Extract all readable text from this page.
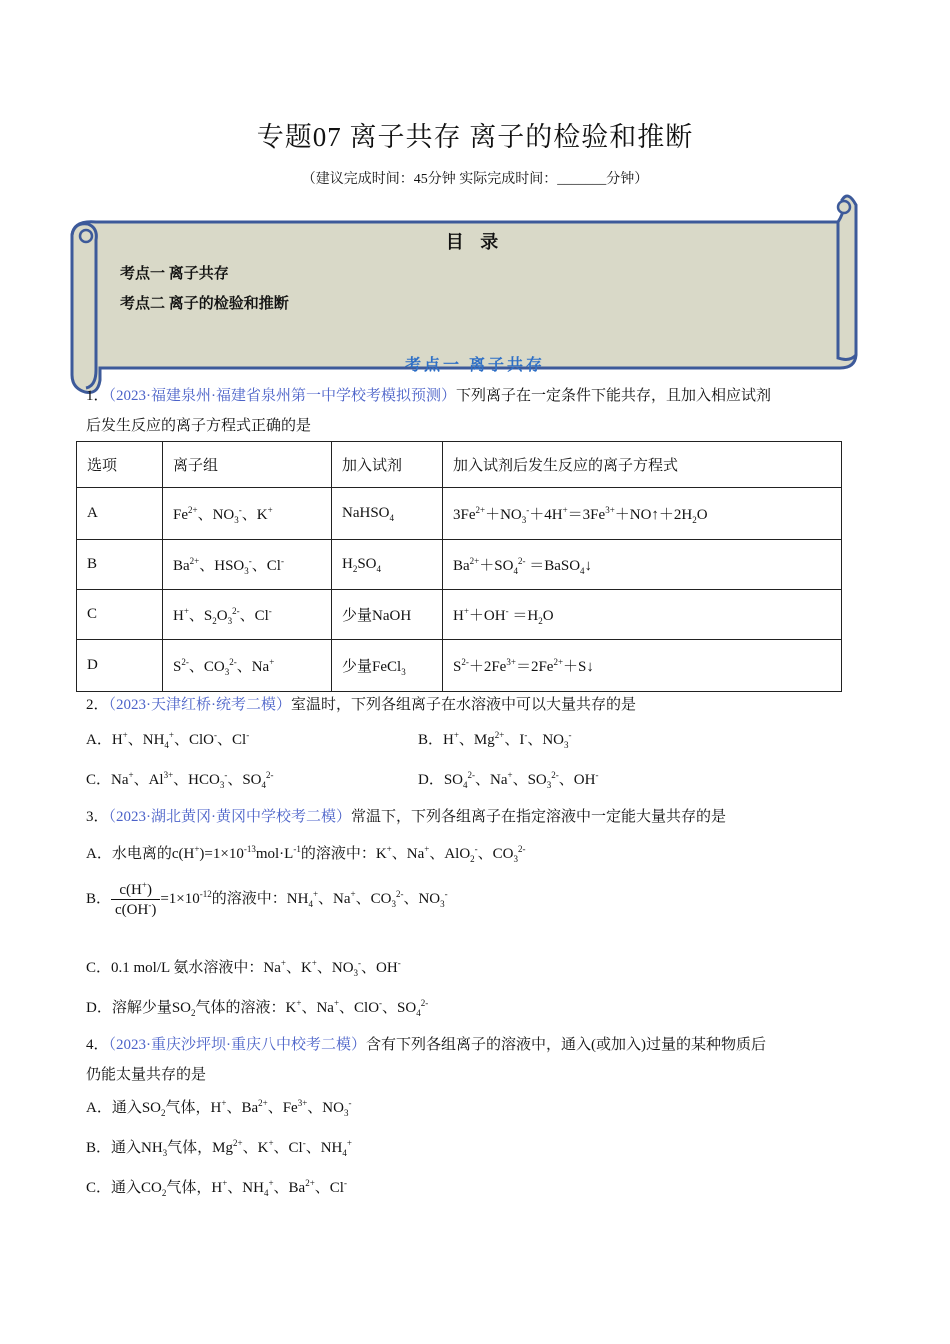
专题07 离子共存 离子的检验和推断
（建议完成时间：45分钟 实际完成时间：_______分钟）
目 录
考点一 离子共存
考点二 离子的检验和推断
考点一 离子共存
1．（2023·福建泉州·福建省泉州第一中学校考模拟预测）下列离子在一定条件下能共存，且加入相应试剂
后发生反应的离子方程式正确的是
选项	离子组	加入试剂	加入试剂后发生反应的离子方程式
A	$Fe^{2+}$、$NO_3^-$、K+	NaHSO$_4$	$3Fe^{2+}+NO_3^-+4H^+=3Fe^{3+}+NO↑+2H_2O$
B	$Ba^{2+}$、$HSO_3^-$、Cl-	$H_2SO_4$	$Ba^{2+}+SO_4^{2-}$ ＝BaSO$_4$↓
C	H+、$S_2O_3^{2-}$、Cl-	少量NaOH	$H^++OH^- =H_2O$
D	$S^{2-}$、$CO_3^{2-}$、Na+	少量FeCl$_3$	$S^{2-}+2Fe^{3+}=2Fe^{2+}+S↓$
2．（2023·天津红桥·统考二模）室温时，下列各组离子在水溶液中可以大量共存的是
A．H+、$NH_4^+$、ClO-、Cl-	B．H+、$Mg^{2+}$、I-、$NO_3^-$
C．Na+、$Al^{3+}$、$HCO_3^-$、$SO_4^{2-}$	D．$SO_4^{2-}$、Na+、$SO_3^{2-}$、OH-
3．（2023·湖北黄冈·黄冈中学校考二模）常温下，下列各组离子在指定溶液中一定能大量共存的是
A．水电离的$c(H^+)=1\times 10^{-13}mol\cdot L^{-1}$的溶液中：K+、Na+、AlO$_2$-、$CO_3^{2-}$
B． $\frac{c(H^+)}{c(OH^-)} =1\times 10^{-12}$的溶液中：$NH_4^+$、Na+、$CO_3^{2-}$、$NO_3^-$
C．0.1 mol/L 氨水溶液中：Na+、K+、$NO_3^-$、OH-
D．溶解少量$SO_2$气体的溶液：K+、Na+、ClO-、$SO_4^{2-}$
4．（2023·重庆沙坪坝·重庆八中校考二模）含有下列各组离子的溶液中，通入(或加入)过量的某种物质后
仍能太量共存的是
A．通入$SO_2$气体，H+、$Ba^{2+}$、$Fe^{3+}$、$NO_3^-$
B．通入$NH_3$气体，$Mg^{2+}$、K+、Cl-、$NH_4^+$
C．通入$CO_2$气体，H+、$NH_4^+$、$Ba^{2+}$、Cl-
